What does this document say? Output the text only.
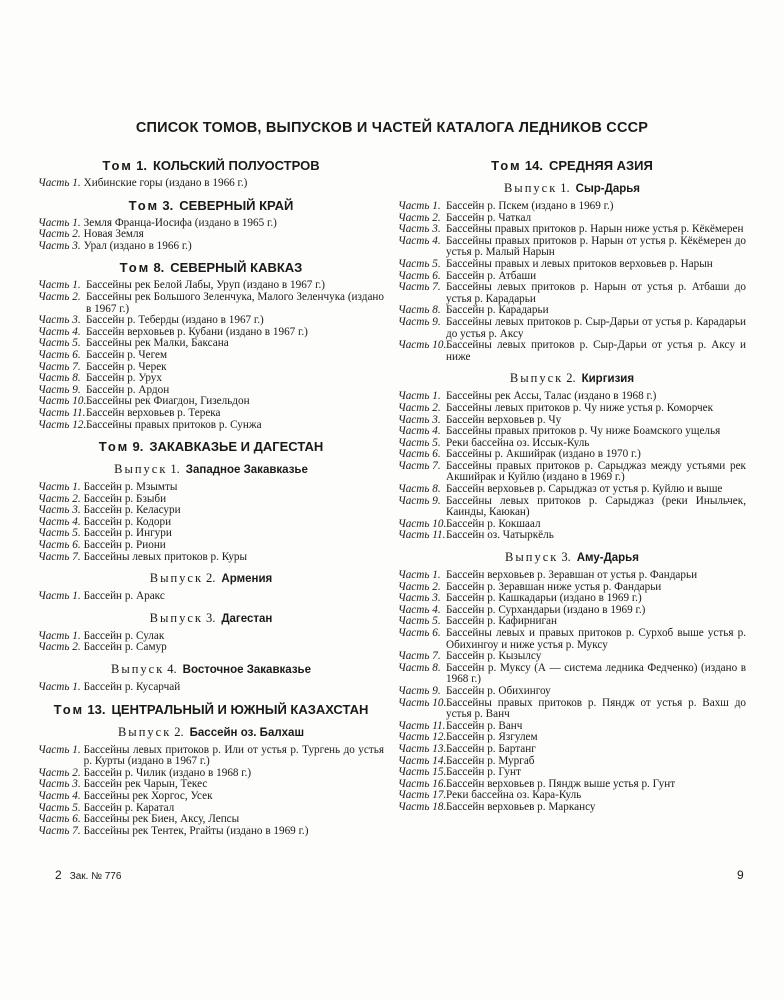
СПИСОК ТОМОВ, ВЫПУСКОВ И ЧАСТЕЙ КАТАЛОГА ЛЕДНИКОВ СССР
Том 1. КОЛЬСКИЙ ПОЛУОСТРОВ
Часть 1. Хибинские горы (издано в 1966 г.)
Том 3. СЕВЕРНЫЙ КРАЙ
Часть 1. Земля Франца-Иосифа (издано в 1965 г.)
Часть 2. Новая Земля
Часть 3. Урал (издано в 1966 г.)
Том 8. СЕВЕРНЫЙ КАВКАЗ
Часть 1. Бассейны рек Белой Лабы, Уруп (издано в 1967 г.)
Часть 2. Бассейны рек Большого Зеленчука, Малого Зеленчука (издано в 1967 г.)
Часть 3. Бассейн р. Теберды (издано в 1967 г.)
Часть 4. Бассейн верховьев р. Кубани (издано в 1967 г.)
Часть 5. Бассейны рек Малки, Баксана
Часть 6. Бассейн р. Чегем
Часть 7. Бассейн р. Черек
Часть 8. Бассейн р. Урух
Часть 9. Бассейн р. Ардон
Часть 10. Бассейны рек Фиагдон, Гизельдон
Часть 11. Бассейн верховьев р. Терека
Часть 12. Бассейны правых притоков р. Сунжа
Том 9. ЗАКАВКАЗЬЕ И ДАГЕСТАН
Выпуск 1. Западное Закавказье
Часть 1. Бассейн р. Мзымты
Часть 2. Бассейн р. Бзыби
Часть 3. Бассейн р. Келасури
Часть 4. Бассейн р. Кодори
Часть 5. Бассейн р. Ингури
Часть 6. Бассейн р. Риони
Часть 7. Бассейны левых притоков р. Куры
Выпуск 2. Армения
Часть 1. Бассейн р. Аракс
Выпуск 3. Дагестан
Часть 1. Бассейн р. Сулак
Часть 2. Бассейн р. Самур
Выпуск 4. Восточное Закавказье
Часть 1. Бассейн р. Кусарчай
Том 13. ЦЕНТРАЛЬНЫЙ И ЮЖНЫЙ КАЗАХСТАН
Выпуск 2. Бассейн оз. Балхаш
Часть 1. Бассейны левых притоков р. Или от устья р. Тургень до устья р. Курты (издано в 1967 г.)
Часть 2. Бассейн р. Чилик (издано в 1968 г.)
Часть 3. Бассейн рек Чарын, Текес
Часть 4. Бассейны рек Хоргос, Усек
Часть 5. Бассейн р. Каратал
Часть 6. Бассейны рек Биен, Аксу, Лепсы
Часть 7. Бассейны рек Тентек, Ргайты (издано в 1969 г.)
Том 14. СРЕДНЯЯ АЗИЯ
Выпуск 1. Сыр-Дарья
Часть 1. Бассейн р. Пскем (издано в 1969 г.)
Часть 2. Бассейн р. Чаткал
Часть 3. Бассейны правых притоков р. Нарын ниже устья р. Кёкёмерен
Часть 4. Бассейны правых притоков р. Нарын от устья р. Кёкёмерен до устья р. Малый Нарын
Часть 5. Бассейны правых и левых притоков верховьев р. Нарын
Часть 6. Бассейн р. Атбаши
Часть 7. Бассейны левых притоков р. Нарын от устья р. Атбаши до устья р. Карадарьи
Часть 8. Бассейн р. Карадарьи
Часть 9. Бассейны левых притоков р. Сыр-Дарьи от устья р. Карадарьи до устья р. Аксу
Часть 10. Бассейны левых притоков р. Сыр-Дарьи от устья р. Аксу и ниже
Выпуск 2. Киргизия
Часть 1. Бассейны рек Ассы, Талас (издано в 1968 г.)
Часть 2. Бассейны левых притоков р. Чу ниже устья р. Коморчек
Часть 3. Бассейн верховьев р. Чу
Часть 4. Бассейны правых притоков р. Чу ниже Боамского ущелья
Часть 5. Реки бассейна оз. Иссык-Куль
Часть 6. Бассейны р. Акшийрак (издано в 1970 г.)
Часть 7. Бассейны правых притоков р. Сарыджаз между устьями рек Акшийрак и Куйлю (издано в 1969 г.)
Часть 8. Бассейн верховьев р. Сарыджаз от устья р. Куйлю и выше
Часть 9. Бассейны левых притоков р. Сарыджаз (реки Иныльчек, Каинды, Каюкан)
Часть 10. Бассейн р. Кокшаал
Часть 11. Бассейн оз. Чатыркёль
Выпуск 3. Аму-Дарья
Часть 1. Бассейн верховьев р. Зеравшан от устья р. Фандарьи
Часть 2. Бассейн р. Зеравшан ниже устья р. Фандарьи
Часть 3. Бассейн р. Кашкадарьи (издано в 1969 г.)
Часть 4. Бассейн р. Сурхандарьи (издано в 1969 г.)
Часть 5. Бассейн р. Кафирниган
Часть 6. Бассейны левых и правых притоков р. Сурхоб выше устья р. Обихингоу и ниже устья р. Муксу
Часть 7. Бассейн р. Кызылсу
Часть 8. Бассейн р. Муксу (А — система ледника Федченко) (издано в 1968 г.)
Часть 9. Бассейн р. Обихингоу
Часть 10. Бассейны правых притоков р. Пяндж от устья р. Вахш до устья р. Ванч
Часть 11. Бассейн р. Ванч
Часть 12. Бассейн р. Язгулем
Часть 13. Бассейн р. Бартанг
Часть 14. Бассейн р. Мургаб
Часть 15. Бассейн р. Гунт
Часть 16. Бассейн верховьев р. Пяндж выше устья р. Гунт
Часть 17. Реки бассейна оз. Кара-Куль
Часть 18. Бассейн верховьев р. Маркансу
2 Зак. № 776	9
